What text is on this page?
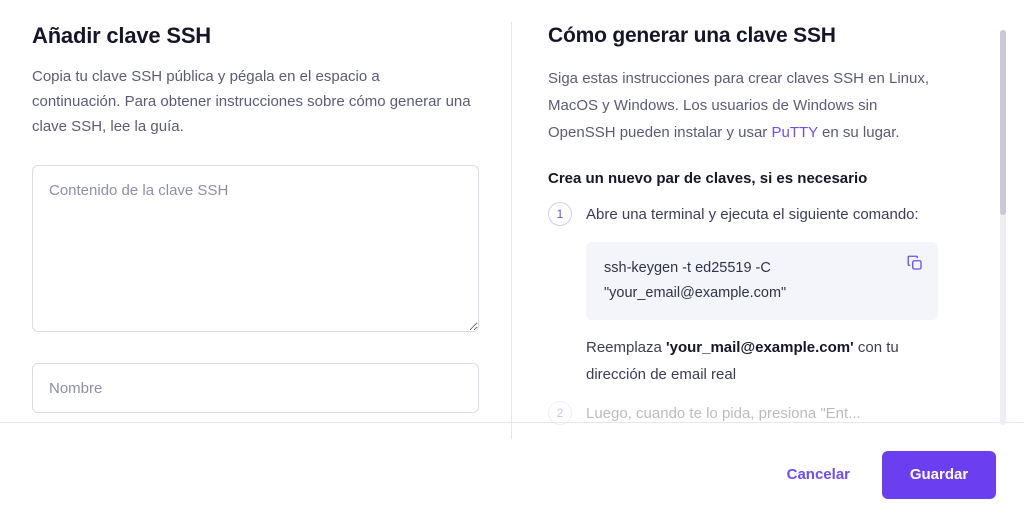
Añadir clave SSH

Copia tu clave SSH pública y pégala en el espacio a continuación. Para obtener instrucciones sobre cómo generar una clave SSH, lee la guía.

Contenido de la clave SSH Nombre
Cómo generar una clave SSH

Siga estas instrucciones para crear claves SSH en Linux, MacOS y Windows. Los usuarios de Windows sin OpenSSH pueden instalar y usar PuTTY en su lugar.

Crea un nuevo par de claves, si es necesario

1	Abre una terminal y ejecuta el siguiente comando:
ssh-keygen -t ed25519 -C "your_email@example.com"
Reemplaza 'your_mail@example.com' con tu dirección de email real
2	Luego, cuando te lo pida, presiona "Ent...
Cancelar	Guardar
